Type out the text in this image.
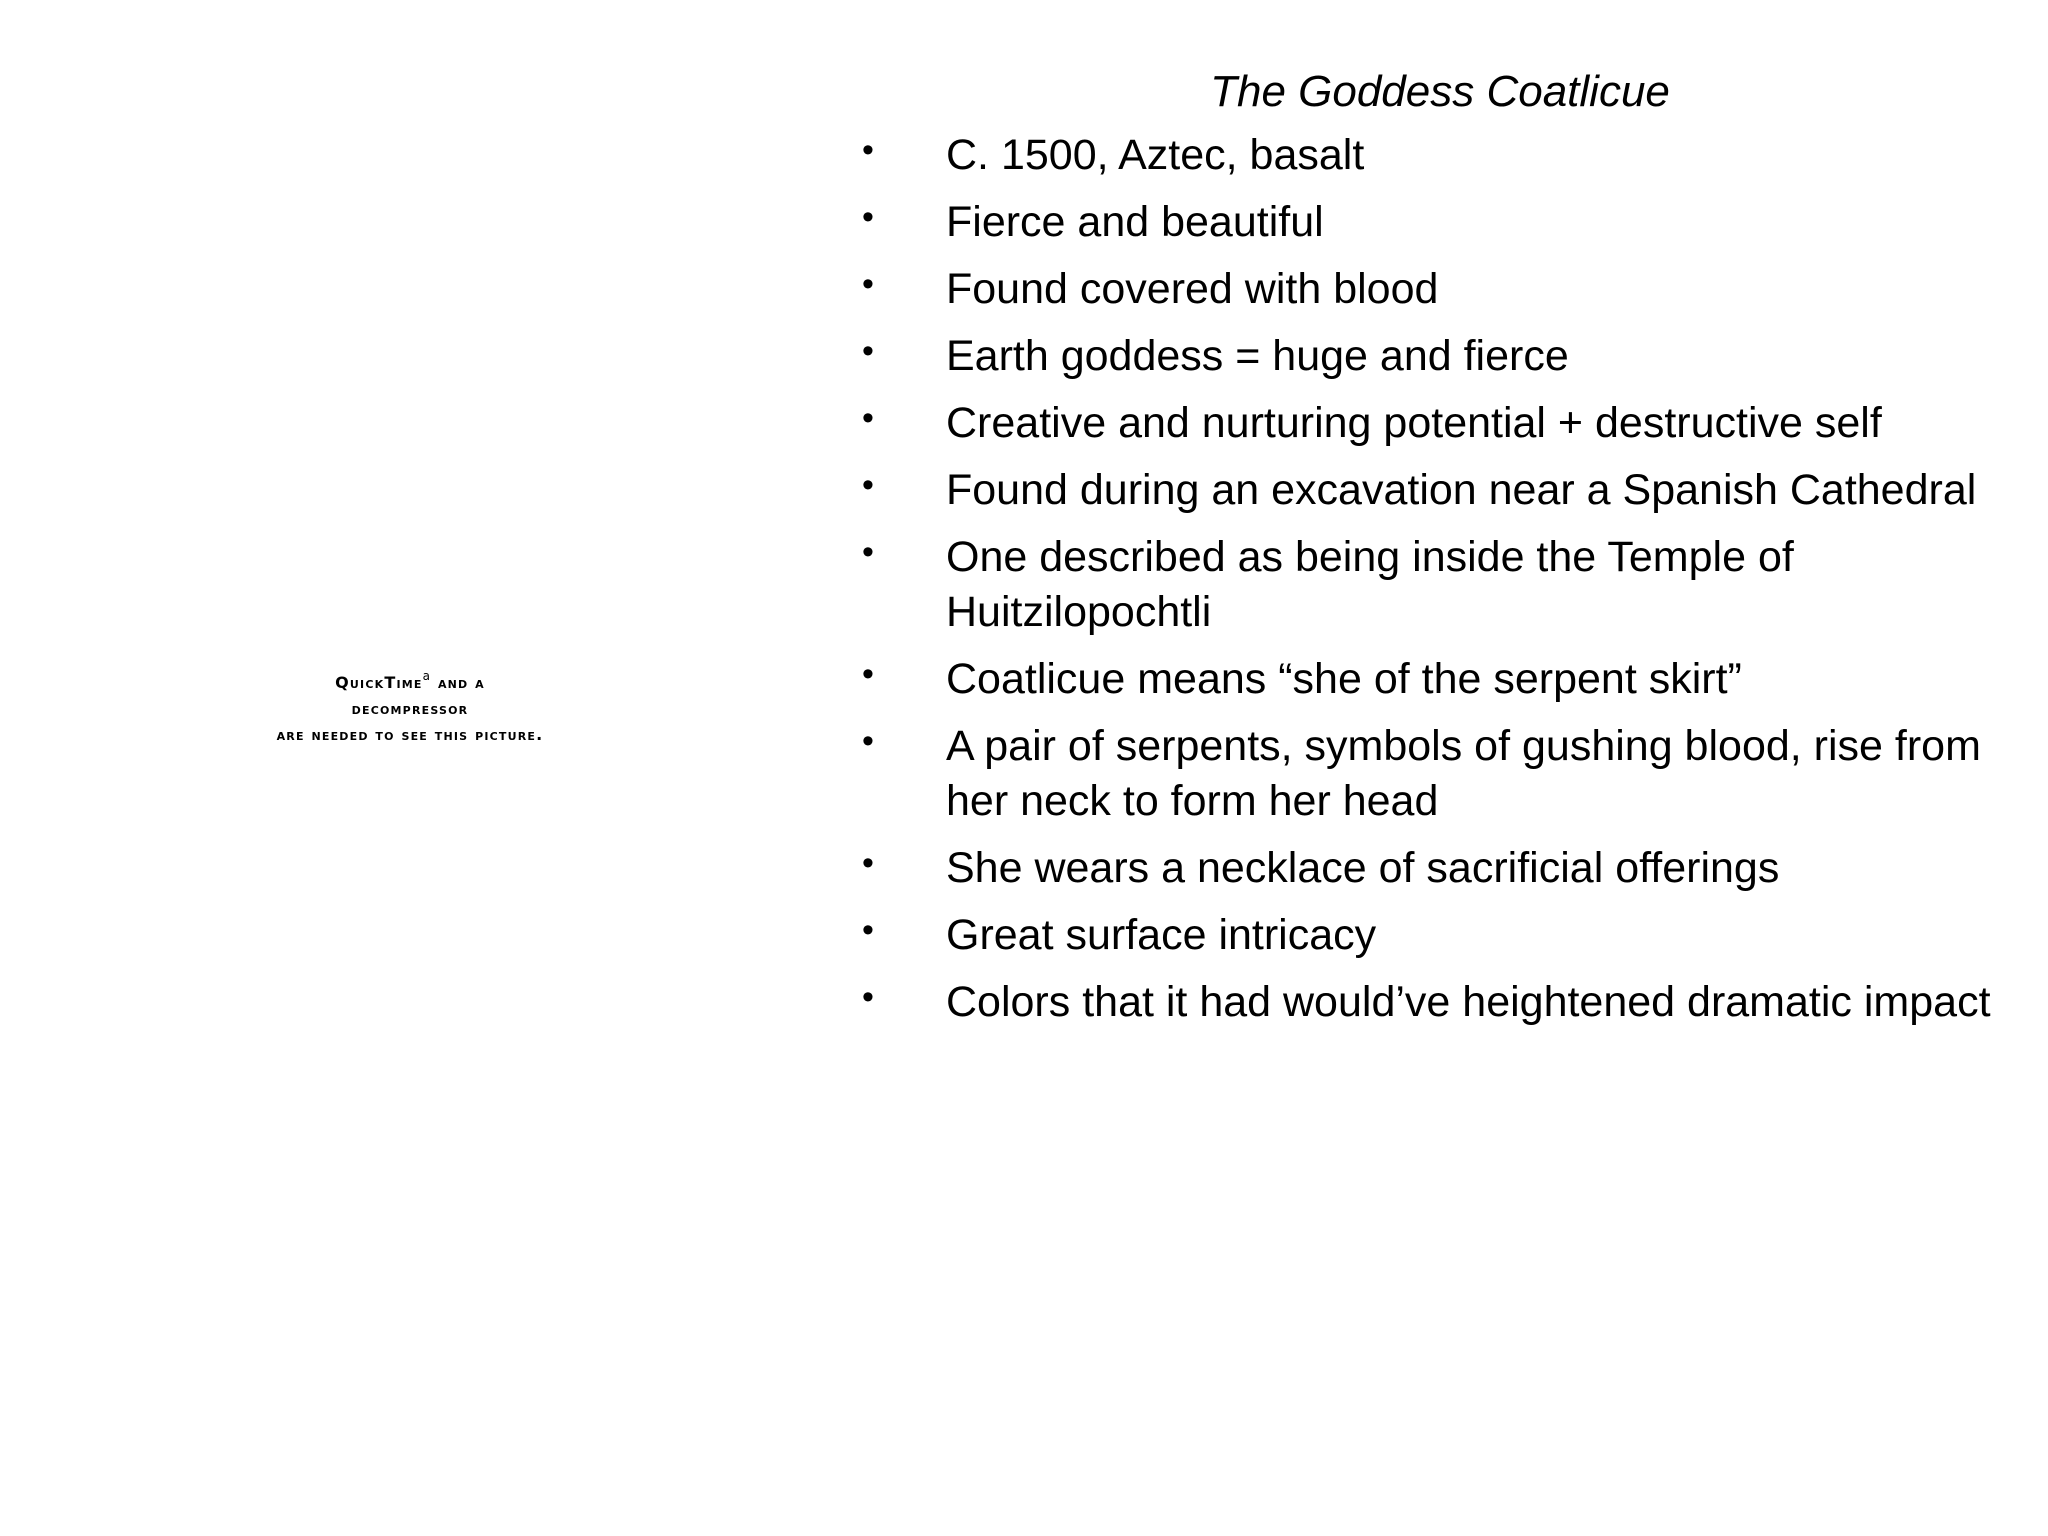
QuickTime$^a$ and a
decompressor
are needed to see this picture.
The Goddess Coatlicue
• C. 1500, Aztec, basalt
• Fierce and beautiful
• Found covered with blood
• Earth goddess = huge and fierce
• Creative and nurturing potential + destructive self
• Found during an excavation near a Spanish Cathedral
• One described as being inside the Temple of Huitzilopochtli
• Coatlicue means “she of the serpent skirt”
• A pair of serpents, symbols of gushing blood, rise from her neck to form her head
• She wears a necklace of sacrificial offerings
• Great surface intricacy
• Colors that it had would’ve heightened dramatic impact
